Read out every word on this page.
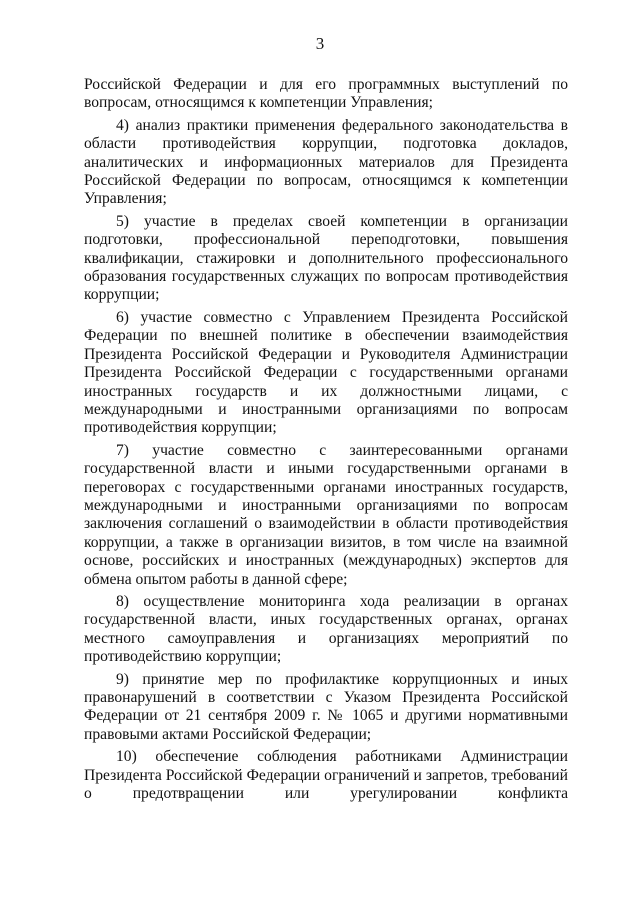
3

Российской Федерации и для его программных выступлений по вопросам, относящимся к компетенции Управления;

4) анализ практики применения федерального законодательства в области противодействия коррупции, подготовка докладов, аналитических и информационных материалов для Президента Российской Федерации по вопросам, относящимся к компетенции Управления;

5) участие в пределах своей компетенции в организации подготовки, профессиональной переподготовки, повышения квалификации, стажировки и дополнительного профессионального образования государственных служащих по вопросам противодействия коррупции;

6) участие совместно с Управлением Президента Российской Федерации по внешней политике в обеспечении взаимодействия Президента Российской Федерации и Руководителя Администрации Президента Российской Федерации с государственными органами иностранных государств и их должностными лицами, с международными и иностранными организациями по вопросам противодействия коррупции;

7) участие совместно с заинтересованными органами государственной власти и иными государственными органами в переговорах с государственными органами иностранных государств, международными и иностранными организациями по вопросам заключения соглашений о взаимодействии в области противодействия коррупции, а также в организации визитов, в том числе на взаимной основе, российских и иностранных (международных) экспертов для обмена опытом работы в данной сфере;

8) осуществление мониторинга хода реализации в органах государственной власти, иных государственных органах, органах местного самоуправления и организациях мероприятий по противодействию коррупции;

9) принятие мер по профилактике коррупционных и иных правонарушений в соответствии с Указом Президента Российской Федерации от 21 сентября 2009 г. № 1065 и другими нормативными правовыми актами Российской Федерации;

10) обеспечение соблюдения работниками Администрации Президента Российской Федерации ограничений и запретов, требований о предотвращении или урегулировании конфликта
